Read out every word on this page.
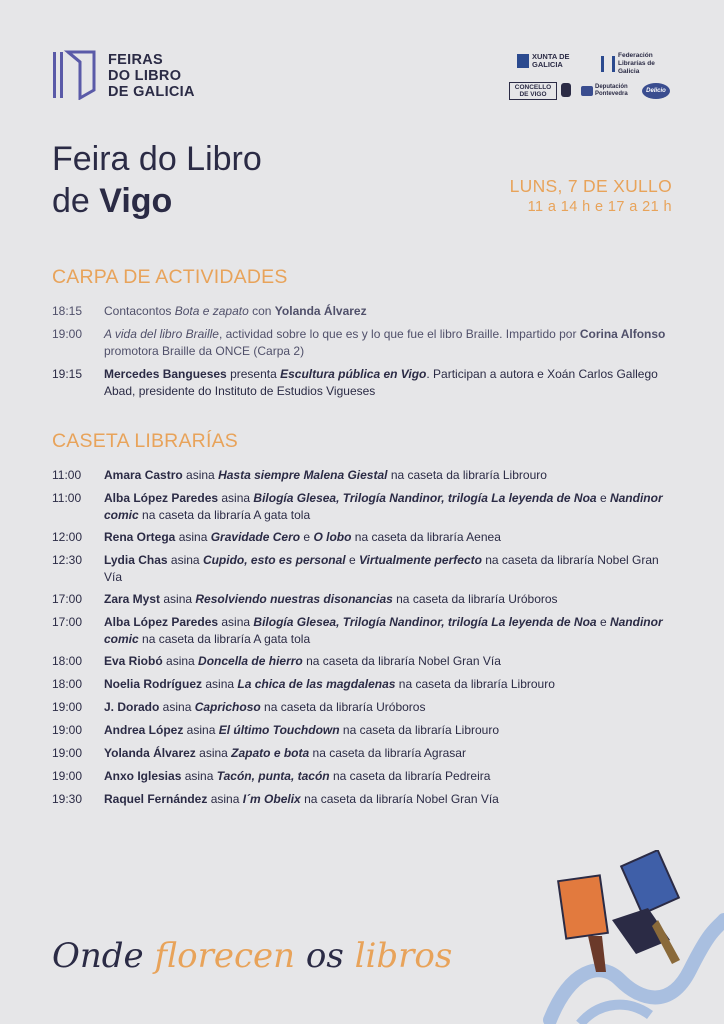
FEIRAS
DO LIBRO
DE GALICIA
XUNTA DE GALICIA
Federación Librarías de Galicia
CONCELLO DE VIGO
Deputación Pontevedra	Delicio
Feira do Libro
de Vigo	LUNS, 7 DE XULLO
11 a 14 h e 17 a 21 h
CARPA DE ACTIVIDADES
CASETA LIBRARÍAS
18:15 Contacontos Bota e zapato con Yolanda Álvarez
19:00 A vida del libro Braille, actividad sobre lo que es y lo que fue el libro Braille. Impartido por Corina Alfonso promotora Braille da ONCE (Carpa 2)
19:15 Mercedes Bangueses presenta Escultura pública en Vigo. Participan a autora e Xoán Carlos Gallego Abad, presidente do Instituto de Estudios Vigueses
11:00 Amara Castro asina Hasta siempre Malena Giestal na caseta da libraría Librouro
11:00 Alba López Paredes asina Bilogía Glesea, Trilogía Nandinor, trilogía La leyenda de Noa e Nandinor comic na caseta da libraría A gata tola
12:00 Rena Ortega asina Gravidade Cero e O lobo na caseta da libraría Aenea
12:30 Lydia Chas asina Cupido, esto es personal e Virtualmente perfecto na caseta da libraría Nobel Gran Vía
17:00 Zara Myst asina Resolviendo nuestras disonancias na caseta da libraría Uróboros
17:00 Alba López Paredes asina Bilogía Glesea, Trilogía Nandinor, trilogía La leyenda de Noa e Nandinor comic na caseta da libraría A gata tola
18:00 Eva Riobó asina Doncella de hierro na caseta da libraría Nobel Gran Vía
18:00 Noelia Rodríguez asina La chica de las magdalenas na caseta da libraría Librouro
19:00 J. Dorado asina Caprichoso na caseta da libraría Uróboros
19:00 Andrea López asina El último Touchdown na caseta da libraría Librouro
19:00 Yolanda Álvarez asina Zapato e bota na caseta da libraría Agrasar
19:00 Anxo Iglesias asina Tacón, punta, tacón na caseta da libraría Pedreira
19:30 Raquel Fernández asina I´m Obelix na caseta da libraría Nobel Gran Vía
Onde florecen os libros
